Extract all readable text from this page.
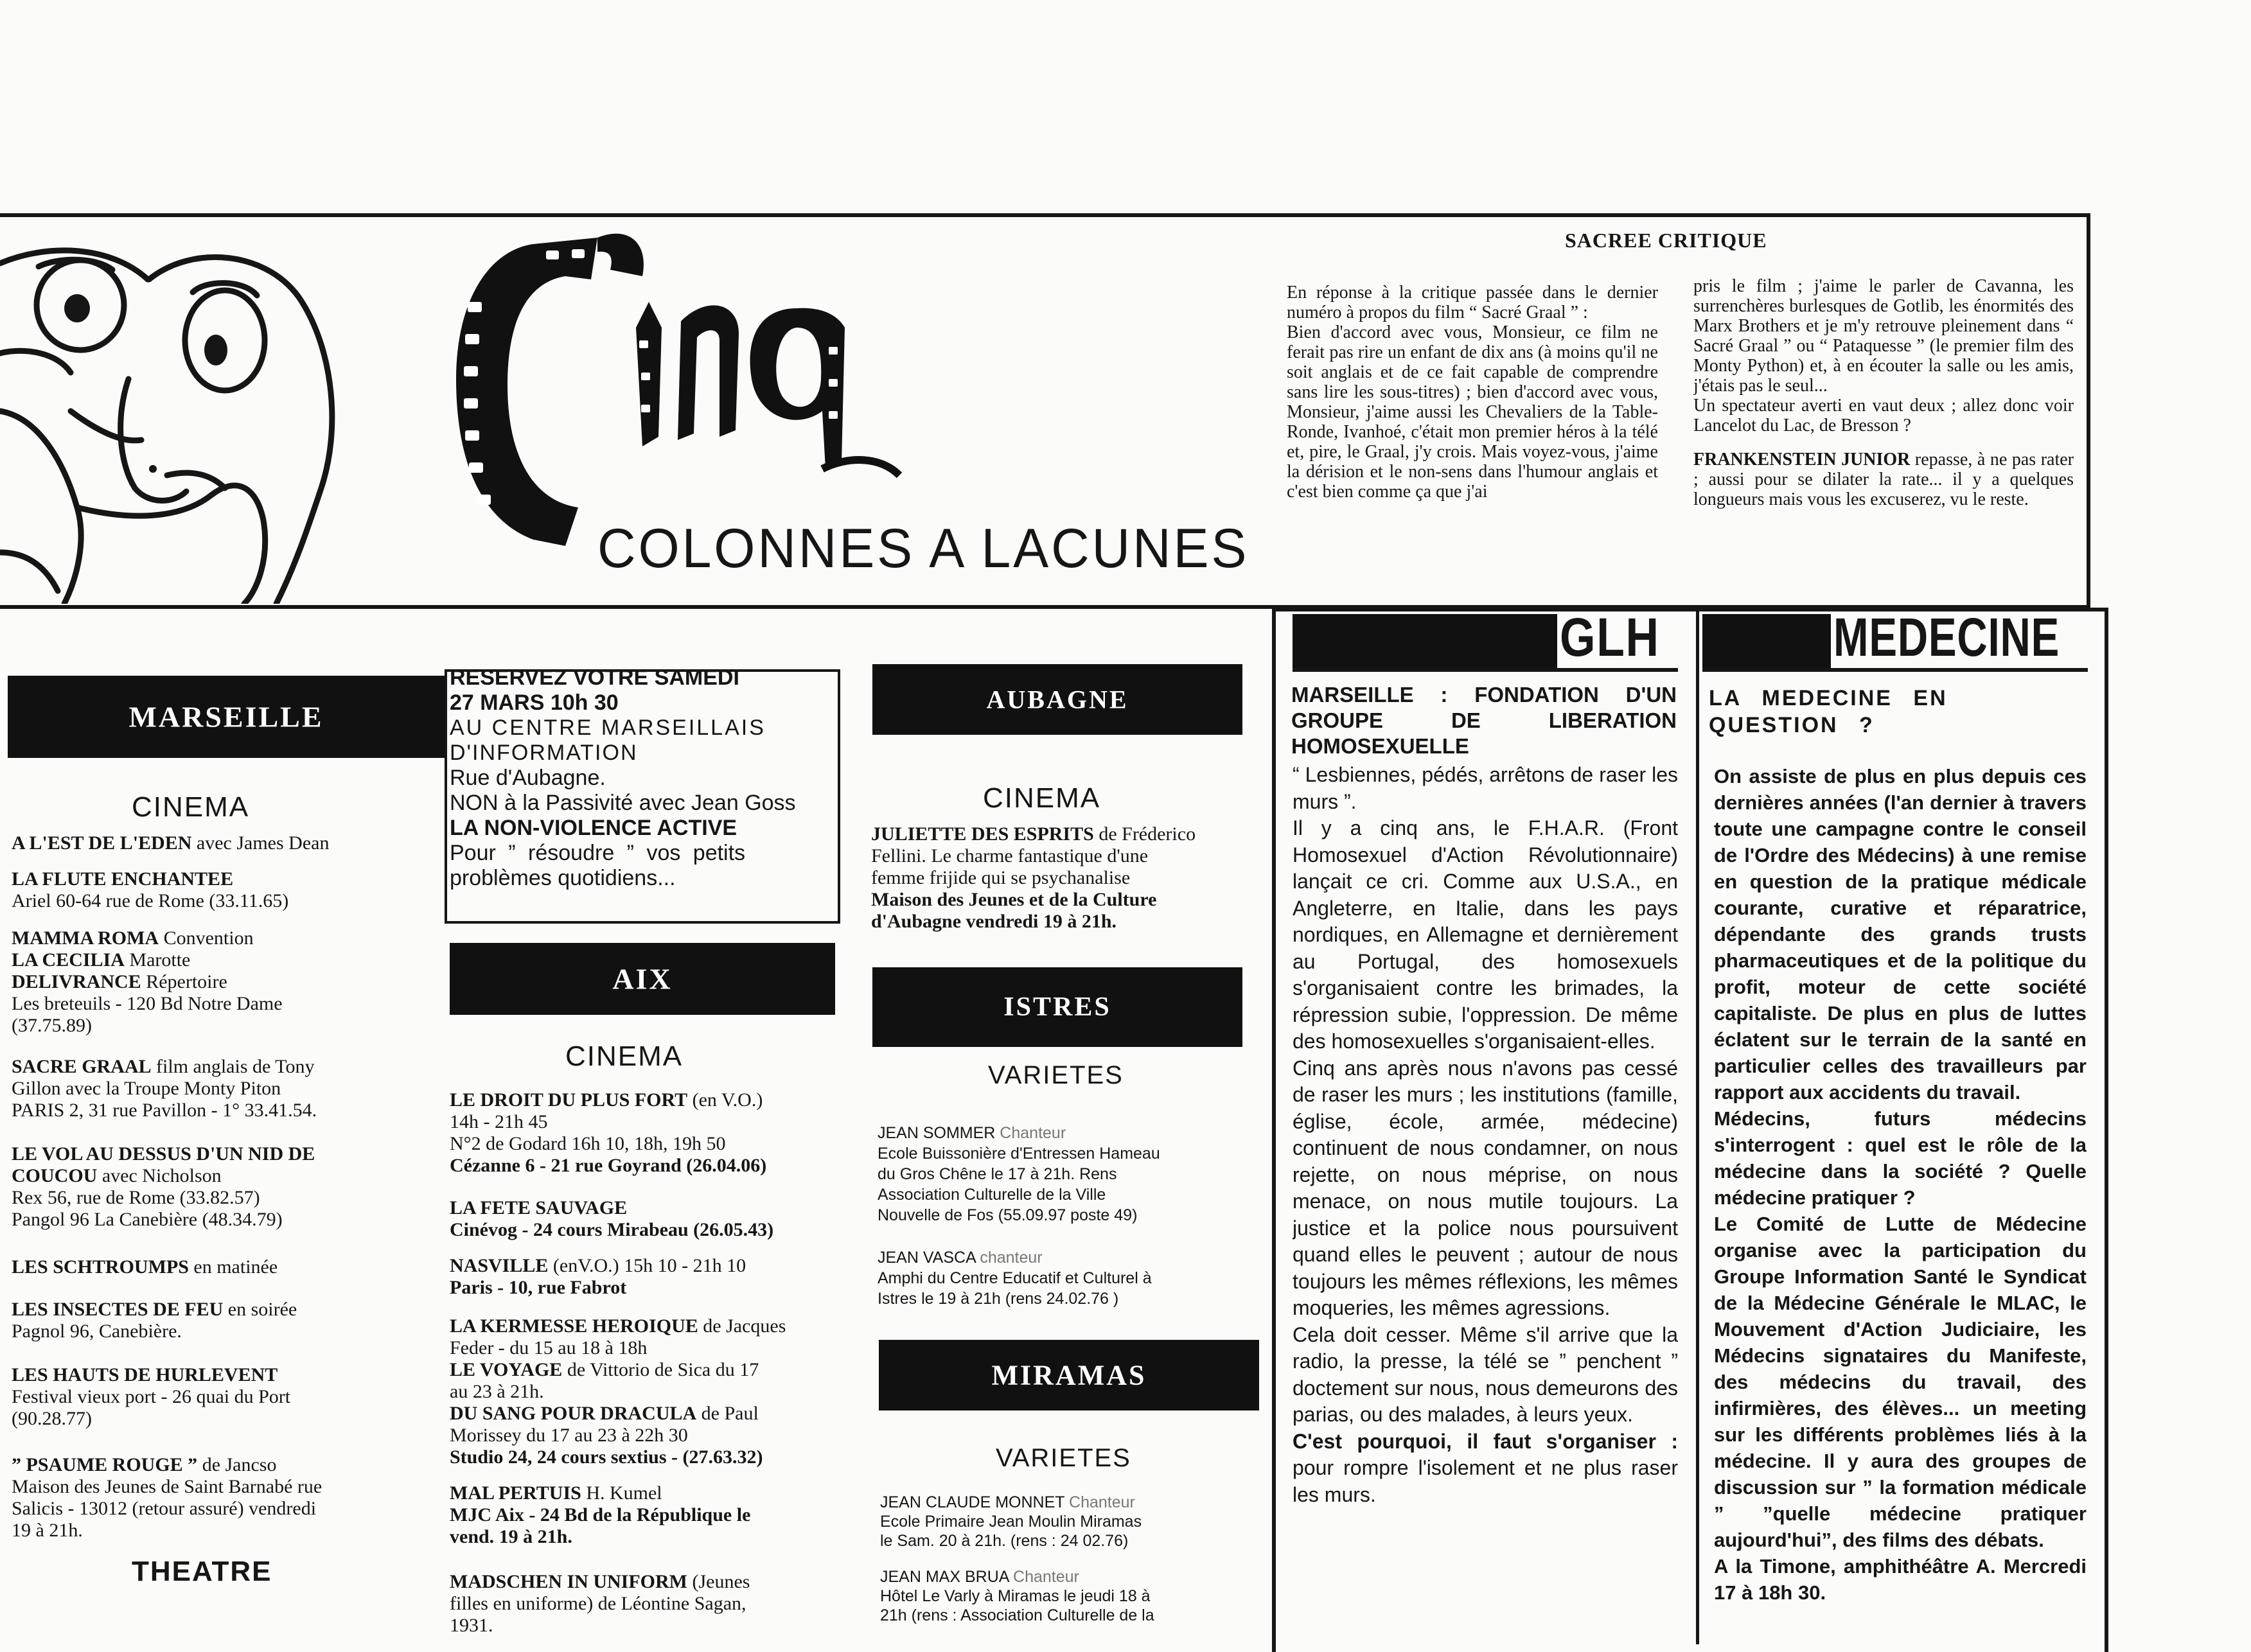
COLONNES A LACUNES
SACREE CRITIQUE

En réponse à la critique passée dans le dernier numéro à propos du film “ Sacré Graal ” :

Bien d'accord avec vous, Monsieur, ce film ne ferait pas rire un enfant de dix ans (à moins qu'il ne soit anglais et de ce fait capable de comprendre sans lire les sous-titres) ; bien d'accord avec vous, Monsieur, j'aime aussi les Chevaliers de la Table-Ronde, Ivanhoé, c'était mon premier héros à la télé et, pire, le Graal, j'y crois. Mais voyez-vous, j'aime la dérision et le non-sens dans l'humour anglais et c'est bien comme ça que j'ai

pris le film ; j'aime le parler de Cavanna, les surrenchères burlesques de Gotlib, les énormités des Marx Brothers et je m'y retrouve pleinement dans “ Sacré Graal ” ou “ Pataquesse ” (le premier film des Monty Python) et, à en écouter la salle ou les amis, j'étais pas le seul...

Un spectateur averti en vaut deux ; allez donc voir Lancelot du Lac, de Bresson ?

FRANKENSTEIN JUNIOR repasse, à ne pas rater ; aussi pour se dilater la rate... il y a quelques longueurs mais vous les excuserez, vu le reste.

MARSEILLE
CINEMA

A L'EST DE L'EDEN avec James Dean

LA FLUTE ENCHANTEE

Ariel 60-64 rue de Rome (33.11.65)

MAMMA ROMA Convention

LA CECILIA Marotte

DELIVRANCE Répertoire

Les breteuils - 120 Bd Notre Dame

(37.75.89)

SACRE GRAAL film anglais de Tony

Gillon avec la Troupe Monty Piton

PARIS 2, 31 rue Pavillon - 1° 33.41.54.

LE VOL AU DESSUS D'UN NID DE

COUCOU avec Nicholson

Rex 56, rue de Rome (33.82.57)

Pangol 96 La Canebière (48.34.79)

LES SCHTROUMPS en matinée

LES INSECTES DE FEU en soirée

Pagnol 96, Canebière.

LES HAUTS DE HURLEVENT

Festival vieux port - 26 quai du Port

(90.28.77)

” PSAUME ROUGE ” de Jancso

Maison des Jeunes de Saint Barnabé rue

Salicis - 13012 (retour assuré) vendredi

19 à 21h.

THEATRE
RESERVEZ VOTRE SAMEDI
27 MARS 10h 30
AU CENTRE MARSEILLAIS
D'INFORMATION
Rue d'Aubagne.
NON à la Passivité avec Jean Goss
LA NON-VIOLENCE ACTIVE
Pour ” résoudre ” vos petits
problèmes quotidiens...
AIX
CINEMA

LE DROIT DU PLUS FORT (en V.O.)

14h - 21h 45

N°2 de Godard 16h 10, 18h, 19h 50

Cézanne 6 - 21 rue Goyrand (26.04.06)

LA FETE SAUVAGE

Cinévog - 24 cours Mirabeau (26.05.43)

NASVILLE (enV.O.) 15h 10 - 21h 10

Paris - 10, rue Fabrot

LA KERMESSE HEROIQUE de Jacques

Feder - du 15 au 18 à 18h

LE VOYAGE de Vittorio de Sica du 17

au 23 à 21h.

DU SANG POUR DRACULA de Paul

Morissey du 17 au 23 à 22h 30

Studio 24, 24 cours sextius - (27.63.32)

MAL PERTUIS H. Kumel

MJC Aix - 24 Bd de la République le

vend. 19 à 21h.

MADSCHEN IN UNIFORM (Jeunes

filles en uniforme) de Léontine Sagan,

1931.

AUBAGNE
CINEMA

JULIETTE DES ESPRITS de Fréderico

Fellini. Le charme fantastique d'une

femme frijide qui se psychanalise

Maison des Jeunes et de la Culture

d'Aubagne vendredi 19 à 21h.

ISTRES
VARIETES
JEAN SOMMER Chanteur
Ecole Buissonière d'Entressen Hameau
du Gros Chêne le 17 à 21h. Rens
Association Culturelle de la Ville
Nouvelle de Fos (55.09.97 poste 49)
JEAN VASCA chanteur
Amphi du Centre Educatif et Culturel à
Istres le 19 à 21h (rens 24.02.76 )
MIRAMAS
VARIETES
JEAN CLAUDE MONNET Chanteur
Ecole Primaire Jean Moulin Miramas
le Sam. 20 à 21h. (rens : 24 02.76)
JEAN MAX BRUA Chanteur
Hôtel Le Varly à Miramas le jeudi 18 à
21h (rens : Association Culturelle de la
GLH
MARSEILLE : FONDATION D'UN GROUPE DE LIBERATION HOMOSEXUELLE

“ Lesbiennes, pédés, arrêtons de raser les murs ”.

Il y a cinq ans, le F.H.A.R. (Front Homosexuel d'Action Révolutionnaire) lançait ce cri. Comme aux U.S.A., en Angleterre, en Italie, dans les pays nordiques, en Allemagne et dernièrement au Portugal, des homosexuels s'organisaient contre les brimades, la répression subie, l'oppression. De même des homosexuelles s'organisaient-elles.

Cinq ans après nous n'avons pas cessé de raser les murs ; les institutions (famille, église, école, armée, médecine) continuent de nous condamner, on nous rejette, on nous méprise, on nous menace, on nous mutile toujours. La justice et la police nous poursuivent quand elles le peuvent ; autour de nous toujours les mêmes réflexions, les mêmes moqueries, les mêmes agressions.

Cela doit cesser. Même s'il arrive que la radio, la presse, la télé se ” penchent ” doctement sur nous, nous demeurons des parias, ou des malades, à leurs yeux.

C'est pourquoi, il faut s'organiser : pour rompre l'isolement et ne plus raser les murs.

MEDECINE
LA MEDECINE EN QUESTION ?

On assiste de plus en plus depuis ces dernières années (l'an dernier à travers toute une campagne contre le conseil de l'Ordre des Médecins) à une remise en question de la pratique médicale courante, curative et réparatrice, dépendante des grands trusts pharmaceutiques et de la politique du profit, moteur de cette société capitaliste. De plus en plus de luttes éclatent sur le terrain de la santé en particulier celles des travailleurs par rapport aux accidents du travail.

Médecins, futurs médecins s'interrogent : quel est le rôle de la médecine dans la société ? Quelle médecine pratiquer ?

Le Comité de Lutte de Médecine organise avec la participation du Groupe Information Santé le Syndicat de la Médecine Générale le MLAC, le Mouvement d'Action Judiciaire, les Médecins signataires du Manifeste, des médecins du travail, des infirmières, des élèves... un meeting sur les différents problèmes liés à la médecine. Il y aura des groupes de discussion sur ” la formation médicale ” ”quelle médecine pratiquer aujourd'hui”, des films des débats.

A la Timone, amphithéâtre A. Mercredi 17 à 18h 30.
